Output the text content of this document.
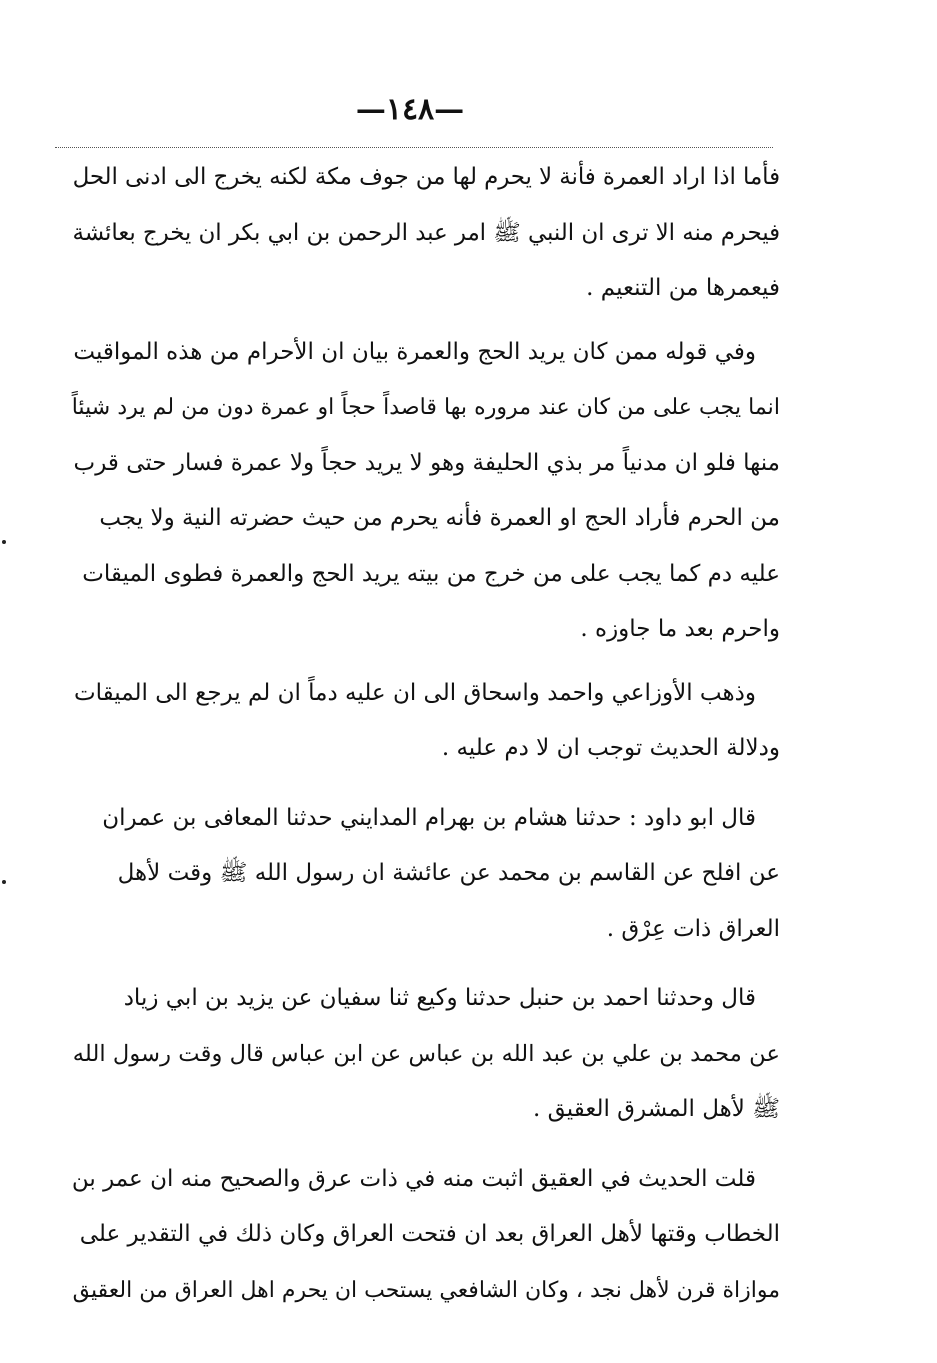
—١٤٨—
فأما اذا اراد العمرة فأنة لا يحرم لها من جوف مكة لكنه يخرج الى ادنى الحل
فيحرم منه الا ترى ان النبي ﷺ امر عبد الرحمن بن ابي بكر ان يخرج بعائشة
فيعمرها من التنعيم .
وفي قوله ممن كان يريد الحج والعمرة بيان ان الأحرام من هذه المواقيت
انما يجب على من كان عند مروره بها قاصداً حجاً او عمرة دون من لم يرد شيئاً
منها فلو ان مدنياً مر بذي الحليفة وهو لا يريد حجاً ولا عمرة فسار حتى قرب
من الحرم فأراد الحج او العمرة فأنه يحرم من حيث حضرته النية ولا يجب
عليه دم كما يجب على من خرج من بيته يريد الحج والعمرة فطوى الميقات
واحرم بعد ما جاوزه .
وذهب الأوزاعي واحمد واسحاق الى ان عليه دماً ان لم يرجع الى الميقات
ودلالة الحديث توجب ان لا دم عليه .
قال ابو داود : حدثنا هشام بن بهرام المدايني حدثنا المعافى بن عمران
عن افلح عن القاسم بن محمد عن عائشة ان رسول الله ﷺ وقت لأهل
العراق ذات عِرْق .
قال وحدثنا احمد بن حنبل حدثنا وكيع ثنا سفيان عن يزيد بن ابي زياد
عن محمد بن علي بن عبد الله بن عباس عن ابن عباس قال وقت رسول الله
ﷺ لأهل المشرق العقيق .
قلت الحديث في العقيق اثبت منه في ذات عرق والصحيح منه ان عمر بن
الخطاب وقتها لأهل العراق بعد ان فتحت العراق وكان ذلك في التقدير على
موازاة قرن لأهل نجد ، وكان الشافعي يستحب ان يحرم اهل العراق من العقيق
